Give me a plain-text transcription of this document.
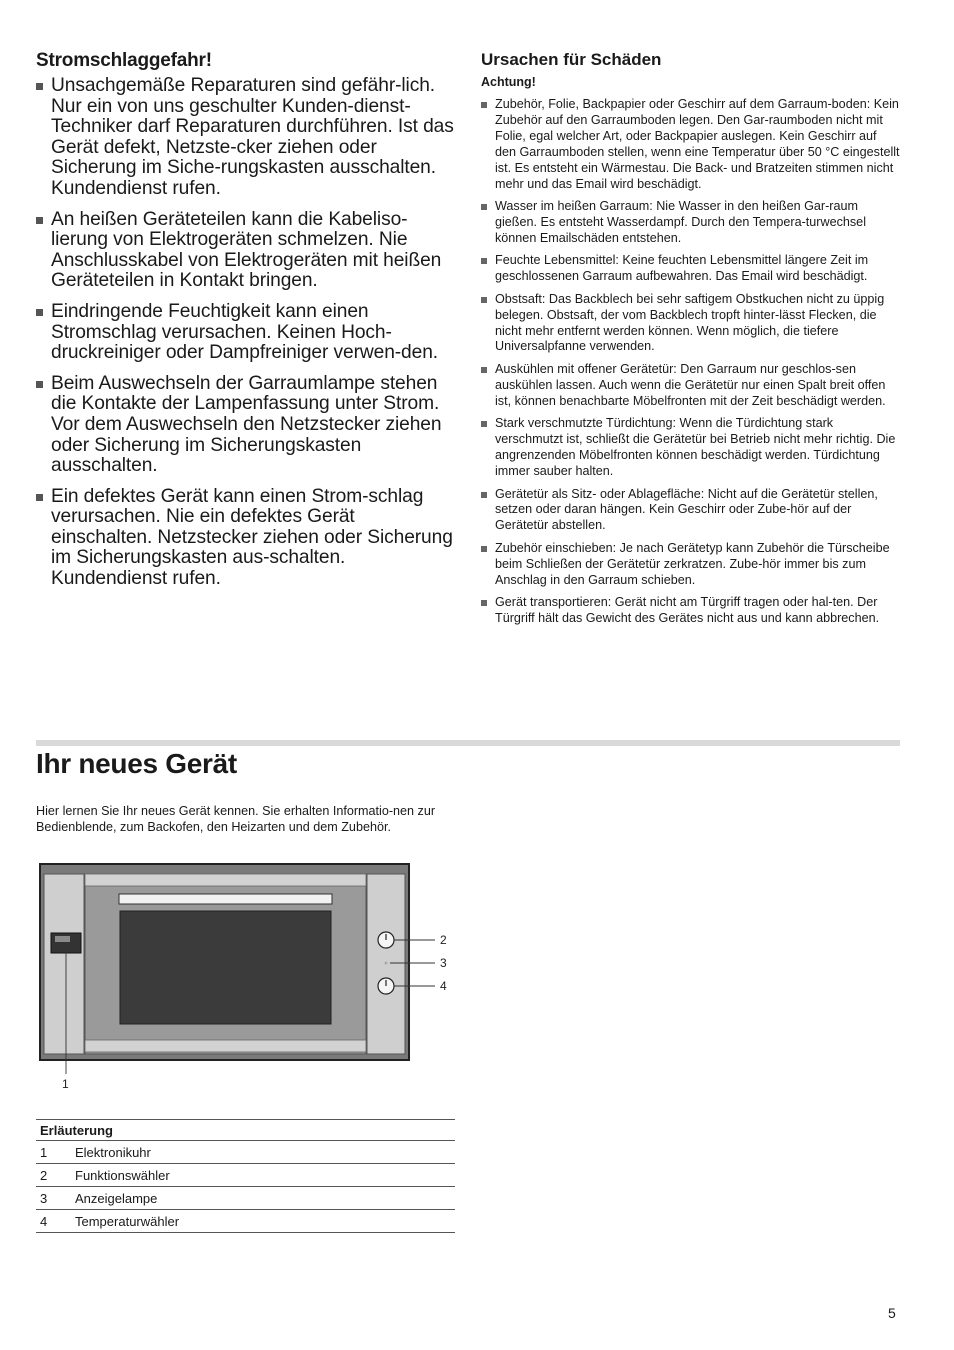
Stromschlaggefahr!
Unsachgemäße Reparaturen sind gefähr-lich. Nur ein von uns geschulter Kunden-dienst-Techniker darf Reparaturen durchführen. Ist das Gerät defekt, Netzste-cker ziehen oder Sicherung im Siche-rungskasten ausschalten. Kundendienst rufen.
An heißen Geräteteilen kann die Kabeliso-lierung von Elektrogeräten schmelzen. Nie Anschlusskabel von Elektrogeräten mit heißen Geräteteilen in Kontakt bringen.
Eindringende Feuchtigkeit kann einen Stromschlag verursachen. Keinen Hoch-druckreiniger oder Dampfreiniger verwen-den.
Beim Auswechseln der Garraumlampe stehen die Kontakte der Lampenfassung unter Strom. Vor dem Auswechseln den Netzstecker ziehen oder Sicherung im Sicherungskasten ausschalten.
Ein defektes Gerät kann einen Strom-schlag verursachen. Nie ein defektes Gerät einschalten. Netzstecker ziehen oder Sicherung im Sicherungskasten aus-schalten. Kundendienst rufen.
Ursachen für Schäden

Achtung!

Zubehör, Folie, Backpapier oder Geschirr auf dem Garraum-boden: Kein Zubehör auf den Garraumboden legen. Den Gar-raumboden nicht mit Folie, egal welcher Art, oder Backpapier auslegen. Kein Geschirr auf den Garraumboden stellen, wenn eine Temperatur über 50 °C eingestellt ist. Es entsteht ein Wärmestau. Die Back- und Bratzeiten stimmen nicht mehr und das Email wird beschädigt.
Wasser im heißen Garraum: Nie Wasser in den heißen Gar-raum gießen. Es entsteht Wasserdampf. Durch den Tempera-turwechsel können Emailschäden entstehen.
Feuchte Lebensmittel: Keine feuchten Lebensmittel längere Zeit im geschlossenen Garraum aufbewahren. Das Email wird beschädigt.
Obstsaft: Das Backblech bei sehr saftigem Obstkuchen nicht zu üppig belegen. Obstsaft, der vom Backblech tropft hinter-lässt Flecken, die nicht mehr entfernt werden können. Wenn möglich, die tiefere Universalpfanne verwenden.
Auskühlen mit offener Gerätetür: Den Garraum nur geschlos-sen auskühlen lassen. Auch wenn die Gerätetür nur einen Spalt breit offen ist, können benachbarte Möbelfronten mit der Zeit beschädigt werden.
Stark verschmutzte Türdichtung: Wenn die Türdichtung stark verschmutzt ist, schließt die Gerätetür bei Betrieb nicht mehr richtig. Die angrenzenden Möbelfronten können beschädigt werden. Türdichtung immer sauber halten.
Gerätetür als Sitz- oder Ablagefläche: Nicht auf die Gerätetür stellen, setzen oder daran hängen. Kein Geschirr oder Zube-hör auf der Gerätetür abstellen.
Zubehör einschieben: Je nach Gerätetyp kann Zubehör die Türscheibe beim Schließen der Gerätetür zerkratzen. Zube-hör immer bis zum Anschlag in den Garraum schieben.
Gerät transportieren: Gerät nicht am Türgriff tragen oder hal-ten. Der Türgriff hält das Gewicht des Gerätes nicht aus und kann abbrechen.
Ihr neues Gerät

Hier lernen Sie Ihr neues Gerät kennen. Sie erhalten Informatio-nen zur Bedienblende, zum Backofen, den Heizarten und dem Zubehör.

1
2
3
4
Erläuterung	
1	Elektronikuhr
2	Funktionswähler
3	Anzeigelampe
4	Temperaturwähler
5
